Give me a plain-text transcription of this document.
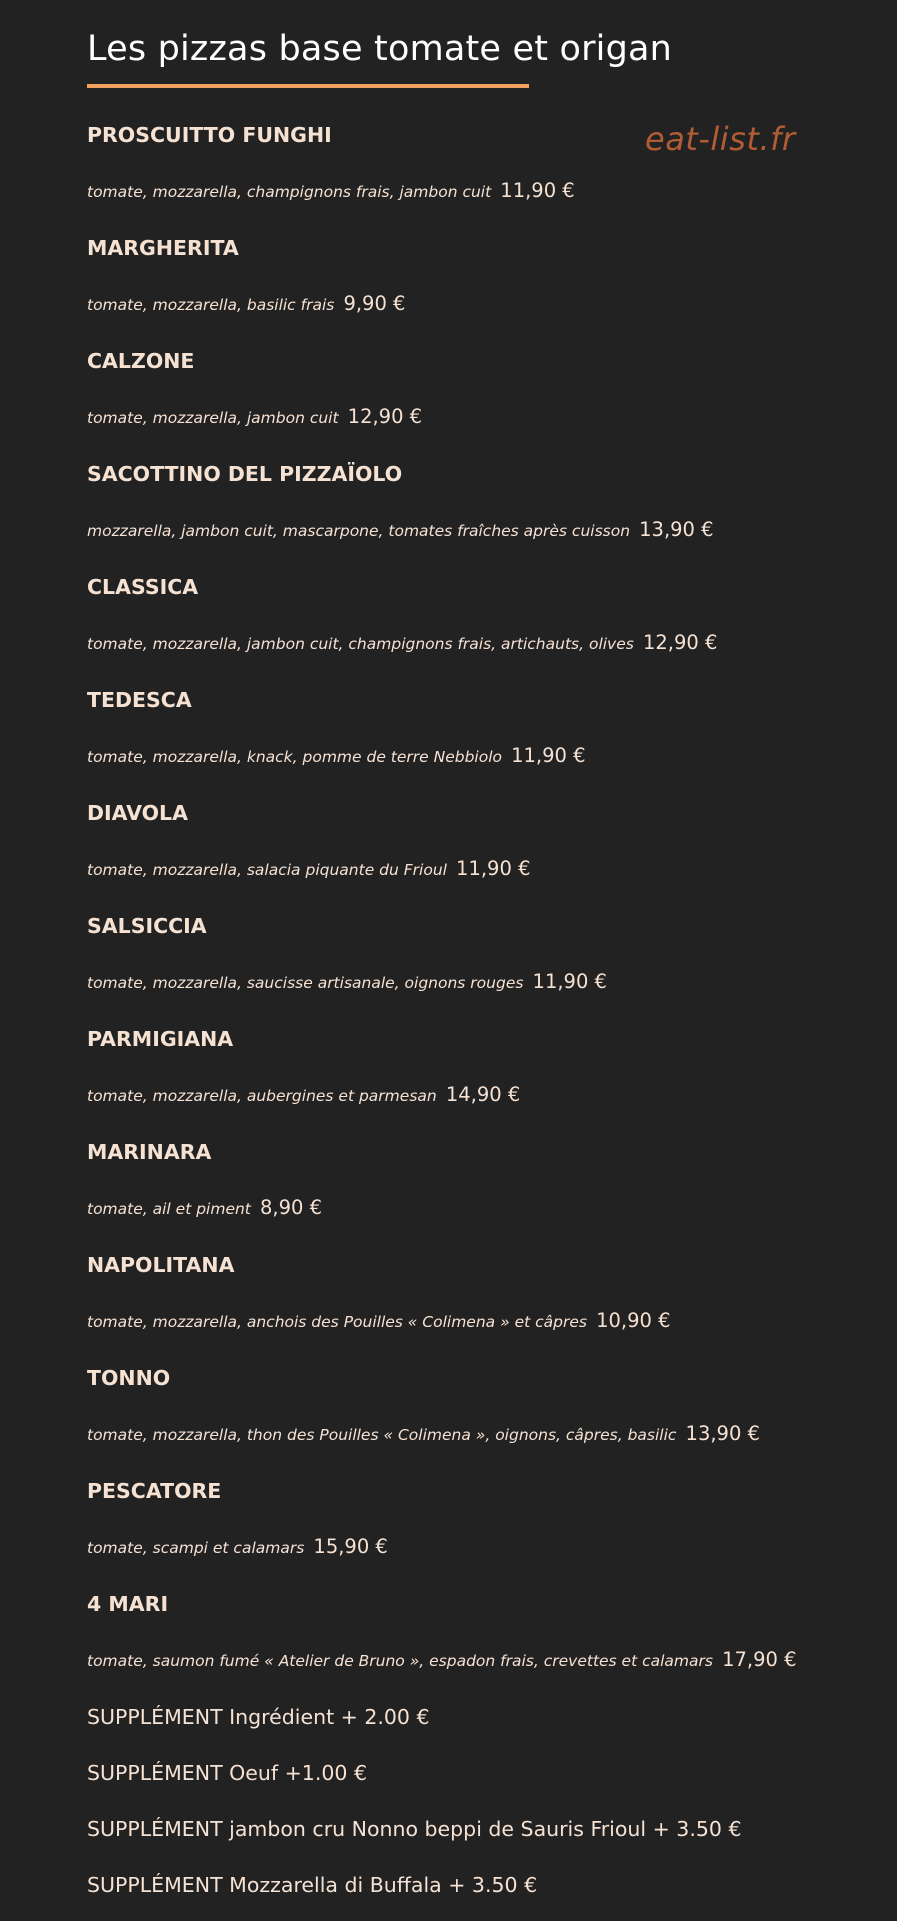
Les pizzas base tomate et origan
eat-list.fr
PROSCUITTO FUNGHI
tomate, mozzarella, champignons frais, jambon cuit 11,90 €
MARGHERITA
tomate, mozzarella, basilic frais 9,90 €
CALZONE
tomate, mozzarella, jambon cuit 12,90 €
SACOTTINO DEL PIZZAÏOLO
mozzarella, jambon cuit, mascarpone, tomates fraîches après cuisson 13,90 €
CLASSICA
tomate, mozzarella, jambon cuit, champignons frais, artichauts, olives 12,90 €
TEDESCA
tomate, mozzarella, knack, pomme de terre Nebbiolo 11,90 €
DIAVOLA
tomate, mozzarella, salacia piquante du Frioul 11,90 €
SALSICCIA
tomate, mozzarella, saucisse artisanale, oignons rouges 11,90 €
PARMIGIANA
tomate, mozzarella, aubergines et parmesan 14,90 €
MARINARA
tomate, ail et piment 8,90 €
NAPOLITANA
tomate, mozzarella, anchois des Pouilles « Colimena » et câpres 10,90 €
TONNO
tomate, mozzarella, thon des Pouilles « Colimena », oignons, câpres, basilic 13,90 €
PESCATORE
tomate, scampi et calamars 15,90 €
4 MARI
tomate, saumon fumé « Atelier de Bruno », espadon frais, crevettes et calamars 17,90 €
SUPPLÉMENT Ingrédient + 2.00 €
SUPPLÉMENT Oeuf +1.00 €
SUPPLÉMENT jambon cru Nonno beppi de Sauris Frioul + 3.50 €
SUPPLÉMENT Mozzarella di Buffala + 3.50 €
